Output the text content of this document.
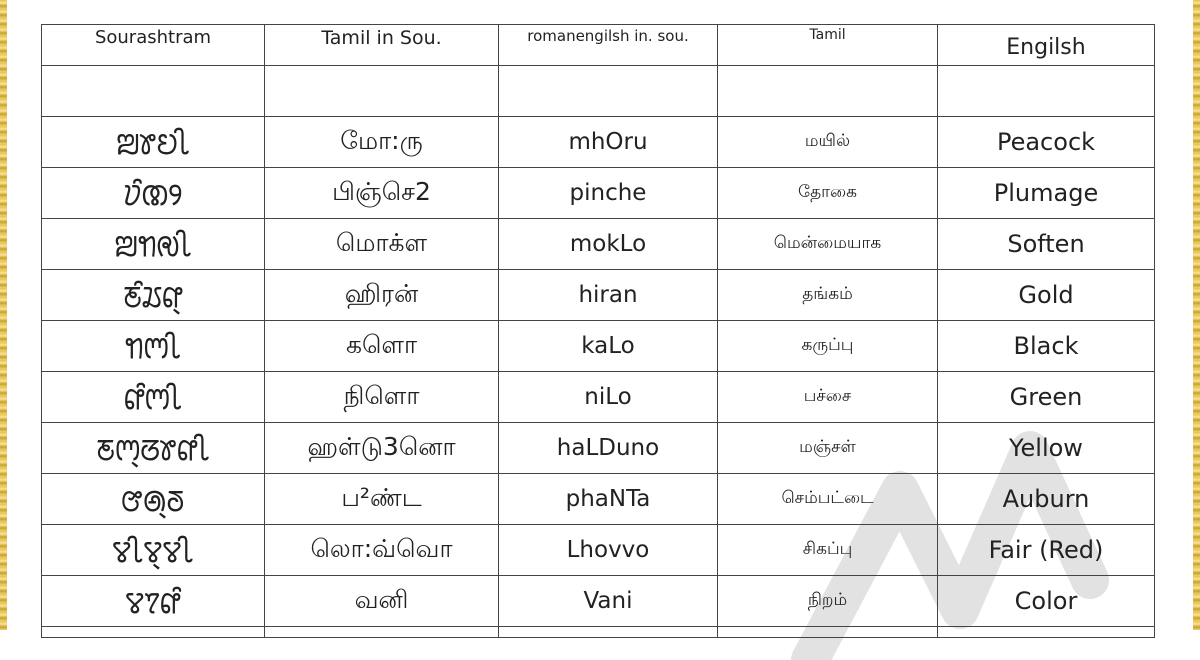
Sourashtram	Tamil in Sou.	romanengilsh in. sou.	Tamil	Engilsh

ꢪꢸꢤꢷ	மோ:ரு	mhOru	மயில்	Peacock
ꢦꢶꢚꢾ	பிஞ்செ2	pinche	தோகை	Plumage
ꢪꢒꢯꢷ	மொக்ள	mokLo	மென்மையாக	Soften
ꢲꢶꢬꢥ꣄	ஹிரன்	hiran	தங்கம்	Gold
ꢒꢳꢷ	களொ	kaLo	கருப்பு	Black
ꢥꢶꢳꢷ	நிளொ	niLo	பச்சை	Green
ꢲꢳ꣄ꢞꢸꢥꢷ	ஹள்டு3னொ	haLDuno	மஞ்சள்	Yellow
ꢧꢠ꣄ꢜ	ப²ண்ட	phaNTa	செம்பட்டை	Auburn
ꢮꢷꢮ꣄ꢮꢷ	லொ:வ்வொ	Lhovvo	சிகப்பு	Fair (Red)
ꢮꢵꢥꢶ	வனி	Vani	நிறம்	Color
